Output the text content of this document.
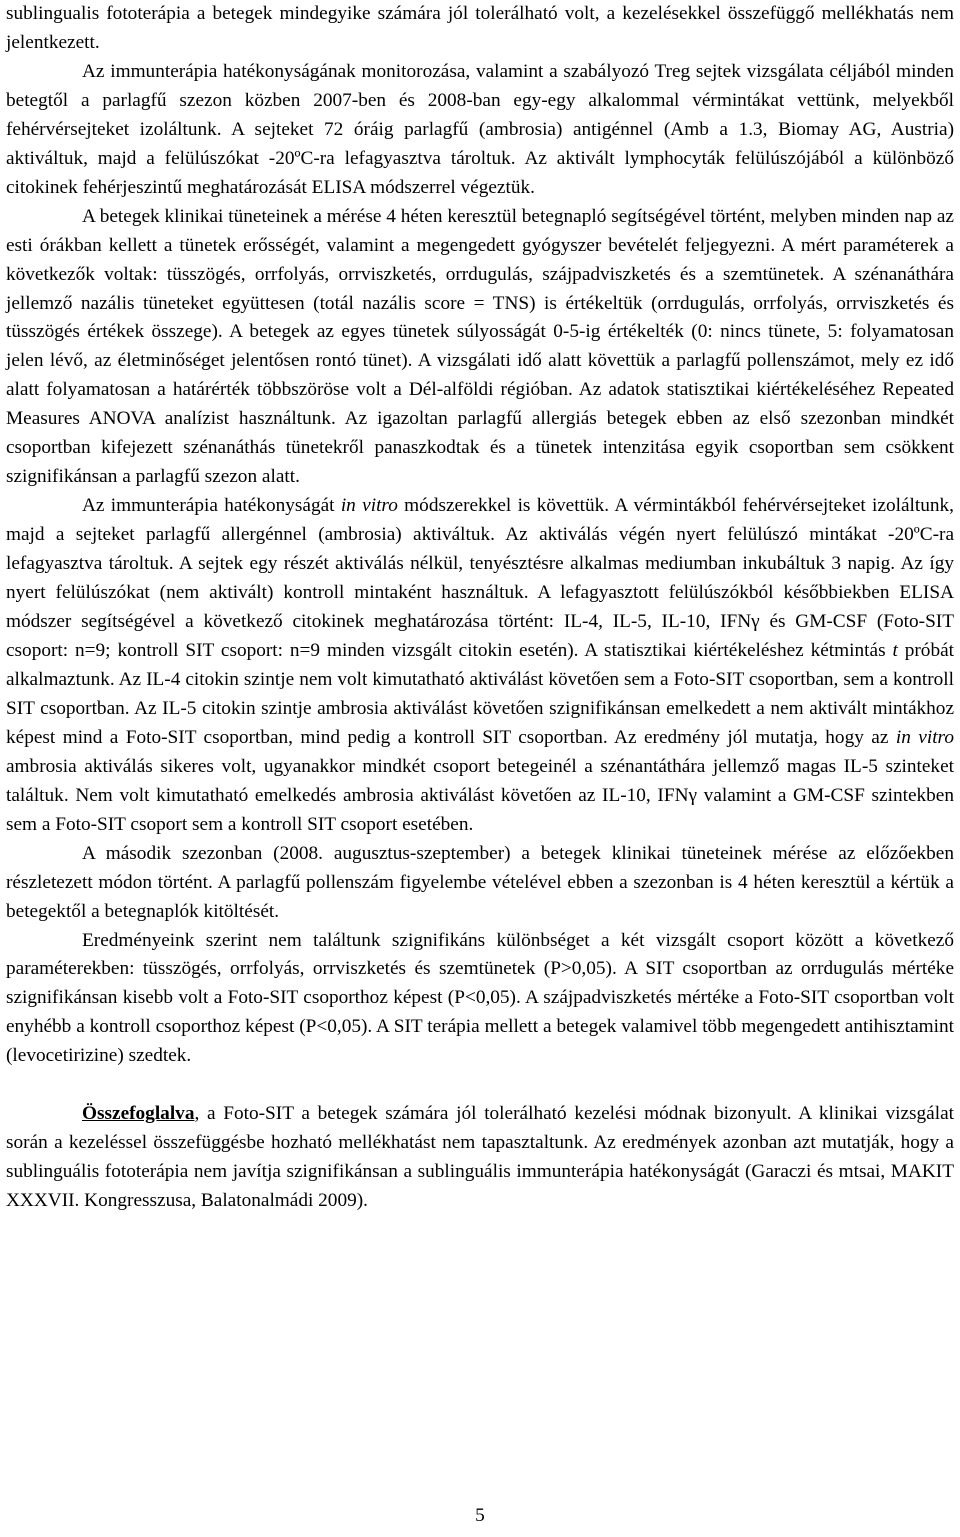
sublingualis fototerápia a betegek mindegyike számára jól tolerálható volt, a kezelésekkel összefüggő mellékhatás nem jelentkezett.

Az immunterápia hatékonyságának monitorozása, valamint a szabályozó Treg sejtek vizsgálata céljából minden betegtől a parlagfű szezon közben 2007-ben és 2008-ban egy-egy alkalommal vérmintákat vettünk, melyekből fehérvérsejteket izoláltunk. A sejteket 72 óráig parlagfű (ambrosia) antigénnel (Amb a 1.3, Biomay AG, Austria) aktiváltuk, majd a felülúszókat -20ºC-ra lefagyasztva tároltuk. Az aktivált lymphocyták felülúszójából a különböző citokinek fehérjeszintű meghatározását ELISA módszerrel végeztük.

A betegek klinikai tüneteinek a mérése 4 héten keresztül betegnapló segítségével történt, melyben minden nap az esti órákban kellett a tünetek erősségét, valamint a megengedett gyógyszer bevételét feljegyezni. A mért paraméterek a következők voltak: tüsszögés, orrfolyás, orrviszketés, orrdugulás, szájpadviszketés és a szemtünetek. A szénanáthára jellemző nazális tüneteket együttesen (totál nazális score = TNS) is értékeltük (orrdugulás, orrfolyás, orrviszketés és tüsszögés értékek összege). A betegek az egyes tünetek súlyosságát 0-5-ig értékelték (0: nincs tünete, 5: folyamatosan jelen lévő, az életminőséget jelentősen rontó tünet). A vizsgálati idő alatt követtük a parlagfű pollenszámot, mely ez idő alatt folyamatosan a határérték többszöröse volt a Dél-alföldi régióban. Az adatok statisztikai kiértékeléséhez Repeated Measures ANOVA analízist használtunk. Az igazoltan parlagfű allergiás betegek ebben az első szezonban mindkét csoportban kifejezett szénanáthás tünetekről panaszkodtak és a tünetek intenzitása egyik csoportban sem csökkent szignifikánsan a parlagfű szezon alatt.

Az immunterápia hatékonyságát in vitro módszerekkel is követtük. A vérmintákból fehérvérsejteket izoláltunk, majd a sejteket parlagfű allergénnel (ambrosia) aktiváltuk. Az aktiválás végén nyert felülúszó mintákat -20ºC-ra lefagyasztva tároltuk. A sejtek egy részét aktiválás nélkül, tenyésztésre alkalmas mediumban inkubáltuk 3 napig. Az így nyert felülúszókat (nem aktivált) kontroll mintaként használtuk. A lefagyasztott felülúszókból későbbiekben ELISA módszer segítségével a következő citokinek meghatározása történt: IL-4, IL-5, IL-10, IFNγ és GM-CSF (Foto-SIT csoport: n=9; kontroll SIT csoport: n=9 minden vizsgált citokin esetén). A statisztikai kiértékeléshez kétmintás t próbát alkalmaztunk. Az IL-4 citokin szintje nem volt kimutatható aktiválást követően sem a Foto-SIT csoportban, sem a kontroll SIT csoportban. Az IL-5 citokin szintje ambrosia aktiválást követően szignifikánsan emelkedett a nem aktivált mintákhoz képest mind a Foto-SIT csoportban, mind pedig a kontroll SIT csoportban. Az eredmény jól mutatja, hogy az in vitro ambrosia aktiválás sikeres volt, ugyanakkor mindkét csoport betegeinél a szénantáthára jellemző magas IL-5 szinteket találtuk. Nem volt kimutatható emelkedés ambrosia aktiválást követően az IL-10, IFNγ valamint a GM-CSF szintekben sem a Foto-SIT csoport sem a kontroll SIT csoport esetében.

A második szezonban (2008. augusztus-szeptember) a betegek klinikai tüneteinek mérése az előzőekben részletezett módon történt. A parlagfű pollenszám figyelembe vételével ebben a szezonban is 4 héten keresztül a kértük a betegektől a betegnaplók kitöltését.

Eredményeink szerint nem találtunk szignifikáns különbséget a két vizsgált csoport között a következő paraméterekben: tüsszögés, orrfolyás, orrviszketés és szemtünetek (P>0,05). A SIT csoportban az orrdugulás mértéke szignifikánsan kisebb volt a Foto-SIT csoporthoz képest (P<0,05). A szájpadviszketés mértéke a Foto-SIT csoportban volt enyhébb a kontroll csoporthoz képest (P<0,05). A SIT terápia mellett a betegek valamivel több megengedett antihisztamint (levocetirizine) szedtek.

Összefoglalva, a Foto-SIT a betegek számára jól tolerálható kezelési módnak bizonyult. A klinikai vizsgálat során a kezeléssel összefüggésbe hozható mellékhatást nem tapasztaltunk. Az eredmények azonban azt mutatják, hogy a sublinguális fototerápia nem javítja szignifikánsan a sublinguális immunterápia hatékonyságát (Garaczi és mtsai, MAKIT XXXVII. Kongresszusa, Balatonalmádi 2009).

5
